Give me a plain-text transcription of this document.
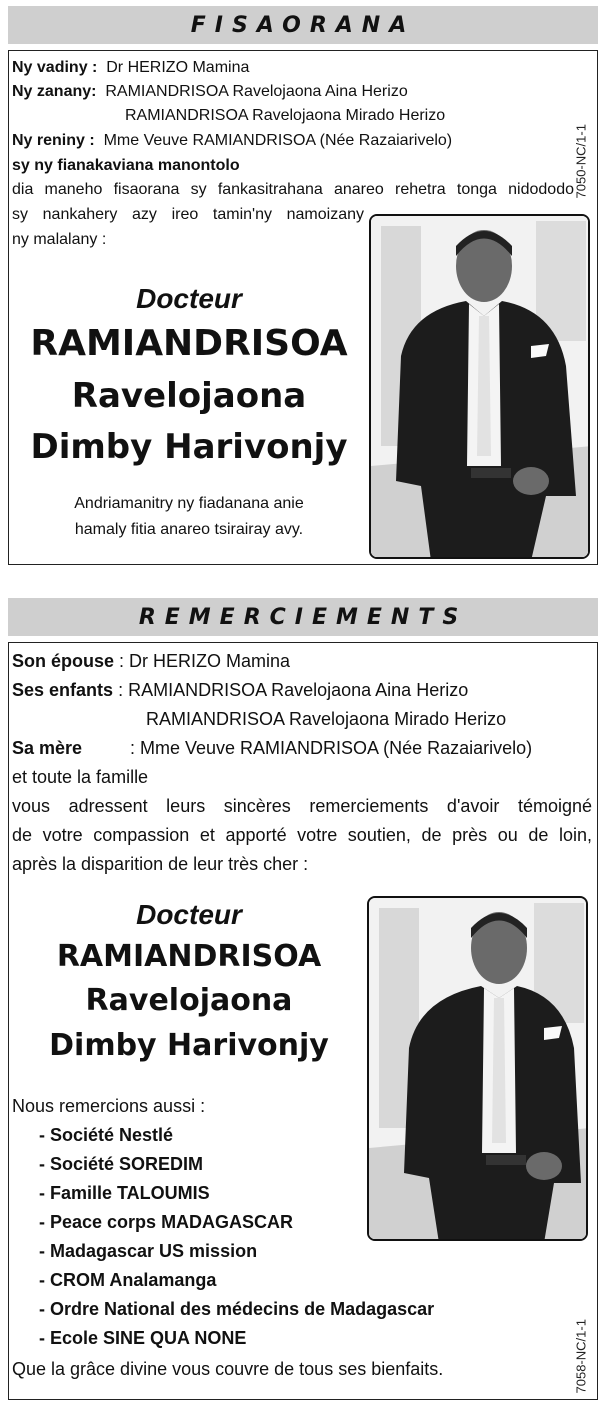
FISAORANA
7050-NC/1-1
Ny vadiny : Dr HERIZO Mamina
Ny zanany: RAMIANDRISOA Ravelojaona Aina Herizo
RAMIANDRISOA Ravelojaona Mirado Herizo
Ny reniny : Mme Veuve RAMIANDRISOA (Née Razaiarivelo)
sy ny fianakaviana manontolo
dia maneho fisaorana sy fankasitrahana anareo rehetra tonga nidododo
sy nankahery azy ireo tamin'ny namoizany
ny malalany :
Docteur
RAMIANDRISOA
Ravelojaona
Dimby Harivonjy
Andriamanitry ny fiadanana anie
hamaly fitia anareo tsirairay avy.
REMERCIEMENTS
7058-NC/1-1
Son épouse : Dr HERIZO Mamina
Ses enfants : RAMIANDRISOA Ravelojaona Aina Herizo
RAMIANDRISOA Ravelojaona Mirado Herizo
Sa mère	: Mme Veuve RAMIANDRISOA (Née Razaiarivelo)
et toute la famille
vous adressent leurs sincères remerciements d'avoir témoigné
de votre compassion et apporté votre soutien, de près ou de loin,
après la disparition de leur très cher :
Docteur
RAMIANDRISOA
Ravelojaona
Dimby Harivonjy
Nous remercions aussi :
- Société Nestlé
- Société SOREDIM
- Famille TALOUMIS
- Peace corps MADAGASCAR
- Madagascar US mission
- CROM Analamanga
- Ordre National des médecins de Madagascar
- Ecole SINE QUA NONE
Que la grâce divine vous couvre de tous ses bienfaits.
